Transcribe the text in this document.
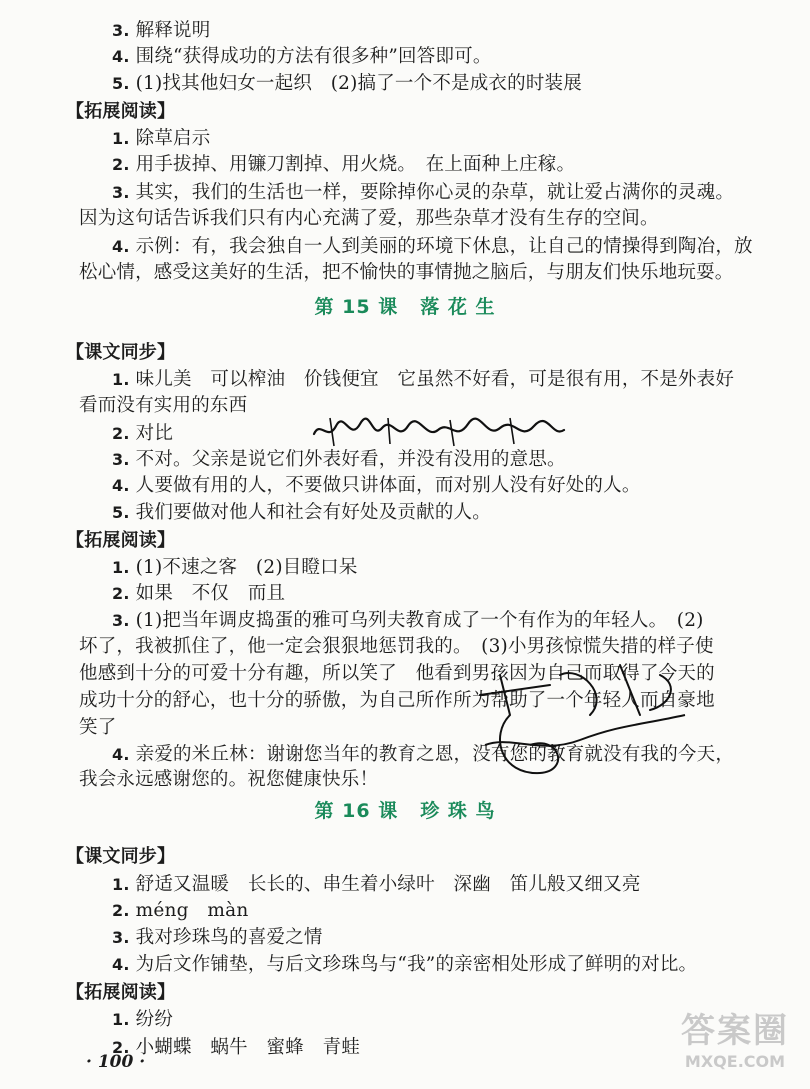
3. 解释说明
4. 围绕“获得成功的方法有很多种”回答即可。
5. (1)找其他妇女一起织　(2)搞了一个不是成衣的时装展
【拓展阅读】
1. 除草启示
2. 用手拔掉、用镰刀割掉、用火烧。　在上面种上庄稼。
3. 其实，我们的生活也一样，要除掉你心灵的杂草，就让爱占满你的灵魂。
因为这句话告诉我们只有内心充满了爱，那些杂草才没有生存的空间。
4. 示例：有，我会独自一人到美丽的环境下休息，让自己的情操得到陶冶，放
松心情，感受这美好的生活，把不愉快的事情抛之脑后，与朋友们快乐地玩耍。
第 15 课 落 花 生
【课文同步】
1. 味儿美　可以榨油　价钱便宜　它虽然不好看，可是很有用，不是外表好
看而没有实用的东西
2. 对比
3. 不对。父亲是说它们外表好看，并没有没用的意思。
4. 人要做有用的人，不要做只讲体面，而对别人没有好处的人。
5. 我们要做对他人和社会有好处及贡献的人。
【拓展阅读】
1. (1)不速之客　(2)目瞪口呆
2. 如果　不仅　而且
3. (1)把当年调皮捣蛋的雅可乌列夫教育成了一个有作为的年轻人。　(2)
坏了，我被抓住了，他一定会狠狠地惩罚我的。　(3)小男孩惊慌失措的样子使
他感到十分的可爱十分有趣，所以笑了　他看到男孩因为自己而取得了今天的
成功十分的舒心，也十分的骄傲，为自己所作所为帮助了一个年轻人而自豪地
笑了
4. 亲爱的米丘林：谢谢您当年的教育之恩，没有您的教育就没有我的今天，
我会永远感谢您的。祝您健康快乐！
第 16 课 珍 珠 鸟
【课文同步】
1. 舒适又温暖　长长的、串生着小绿叶　深幽　笛儿般又细又亮
2. méng　màn
3. 我对珍珠鸟的喜爱之情
4. 为后文作铺垫，与后文珍珠鸟与“我”的亲密相处形成了鲜明的对比。
【拓展阅读】
1. 纷纷
2. 小蝴蝶　蜗牛　蜜蜂　青蛙
· 100 ·
答案圈
MXQE.COM
